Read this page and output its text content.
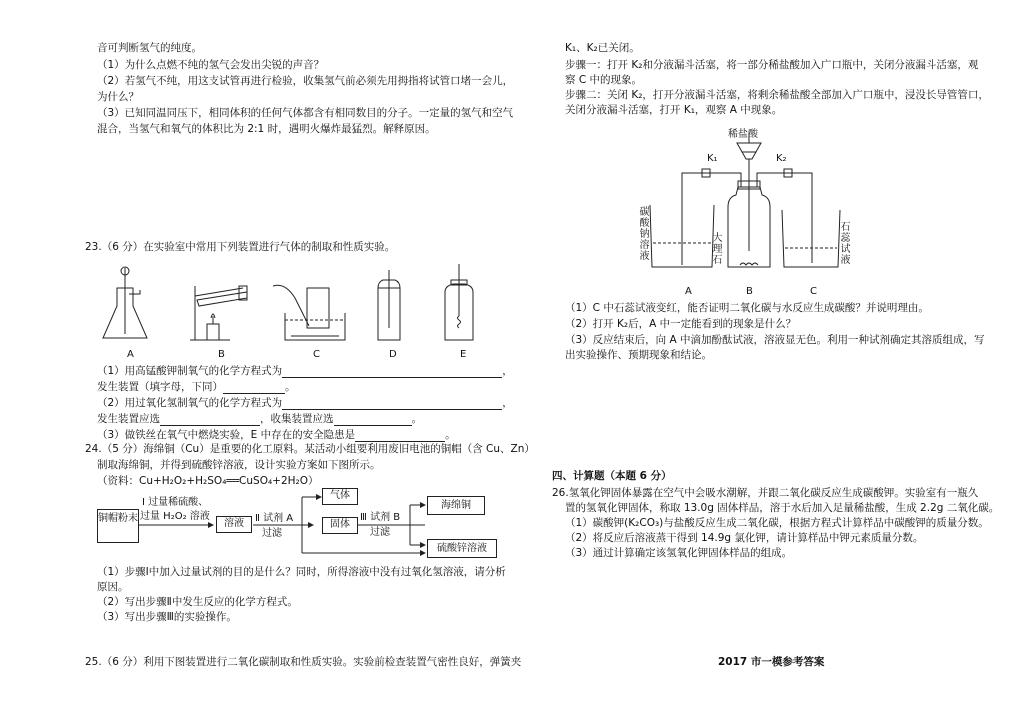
音可判断氢气的纯度。
（1）为什么点燃不纯的氢气会发出尖锐的声音？
（2）若氢气不纯，用这支试管再进行检验，收集氢气前必须先用拇指将试管口堵一会儿，
为什么？
（3）已知同温同压下，相同体积的任何气体都含有相同数目的分子。一定量的氢气和空气
混合，当氢气和氧气的体积比为 2:1 时，遇明火爆炸最猛烈。解释原因。
23.（6 分）在实验室中常用下列装置进行气体的制取和性质实验。
A	B	C	D	E
（1）用高锰酸钾制氧气的化学方程式为	，
发生装置（填字母，下同）	。
（2）用过氧化氢制氧气的化学方程式为	，
发生装置应选	，收集装置应选	。
（3）做铁丝在氧气中燃烧实验，E 中存在的安全隐患是	。
24.（5 分）海绵铜（Cu）是重要的化工原料。某活动小组要利用废旧电池的铜帽（含 Cu、Zn）
制取海绵铜，并得到硫酸锌溶液，设计实验方案如下图所示。
（资料：Cu+H₂O₂+H₂SO₄══CuSO₄+2H₂O）
铜帽粉末
Ⅰ 过量稀硫酸、
过量 H₂O₂ 溶液
溶液	Ⅱ 试剂 A
过滤
气体
固体
Ⅲ 试剂 B
过滤
海绵铜
硫酸锌溶液
（1）步骤Ⅰ中加入过量试剂的目的是什么？同时，所得溶液中没有过氧化氢溶液，请分析
原因。
（2）写出步骤Ⅱ中发生反应的化学方程式。
（3）写出步骤Ⅲ的实验操作。
25.（6 分）利用下图装置进行二氧化碳制取和性质实验。实验前检查装置气密性良好，弹簧夹
K₁、K₂已关闭。
步骤一：打开 K₂和分液漏斗活塞，将一部分稀盐酸加入广口瓶中，关闭分液漏斗活塞，观
察 C 中的现象。
步骤二：关闭 K₂，打开分液漏斗活塞，将剩余稀盐酸全部加入广口瓶中，浸没长导管管口，
关闭分液漏斗活塞，打开 K₁，观察 A 中现象。
稀盐酸
K₁	K₂
碳酸钠溶液
大理石
石蕊试液
A	B	C
（1）C 中石蕊试液变红，能否证明二氧化碳与水反应生成碳酸？并说明理由。
（2）打开 K₂后，A 中一定能看到的现象是什么？
（3）反应结束后，向 A 中滴加酚酞试液，溶液显无色。利用一种试剂确定其溶质组成，写
出实验操作、预期现象和结论。
四、计算题（本题 6 分）
26.氢氧化钾固体暴露在空气中会吸水潮解，并跟二氧化碳反应生成碳酸钾。实验室有一瓶久
置的氢氧化钾固体，称取 13.0g 固体样品，溶于水后加入足量稀盐酸，生成 2.2g 二氧化碳。
（1）碳酸钾(K₂CO₃)与盐酸反应生成二氧化碳，根据方程式计算样品中碳酸钾的质量分数。
（2）将反应后溶液蒸干得到 14.9g 氯化钾，请计算样品中钾元素质量分数。
（3）通过计算确定该氢氧化钾固体样品的组成。
2017 市一模参考答案
